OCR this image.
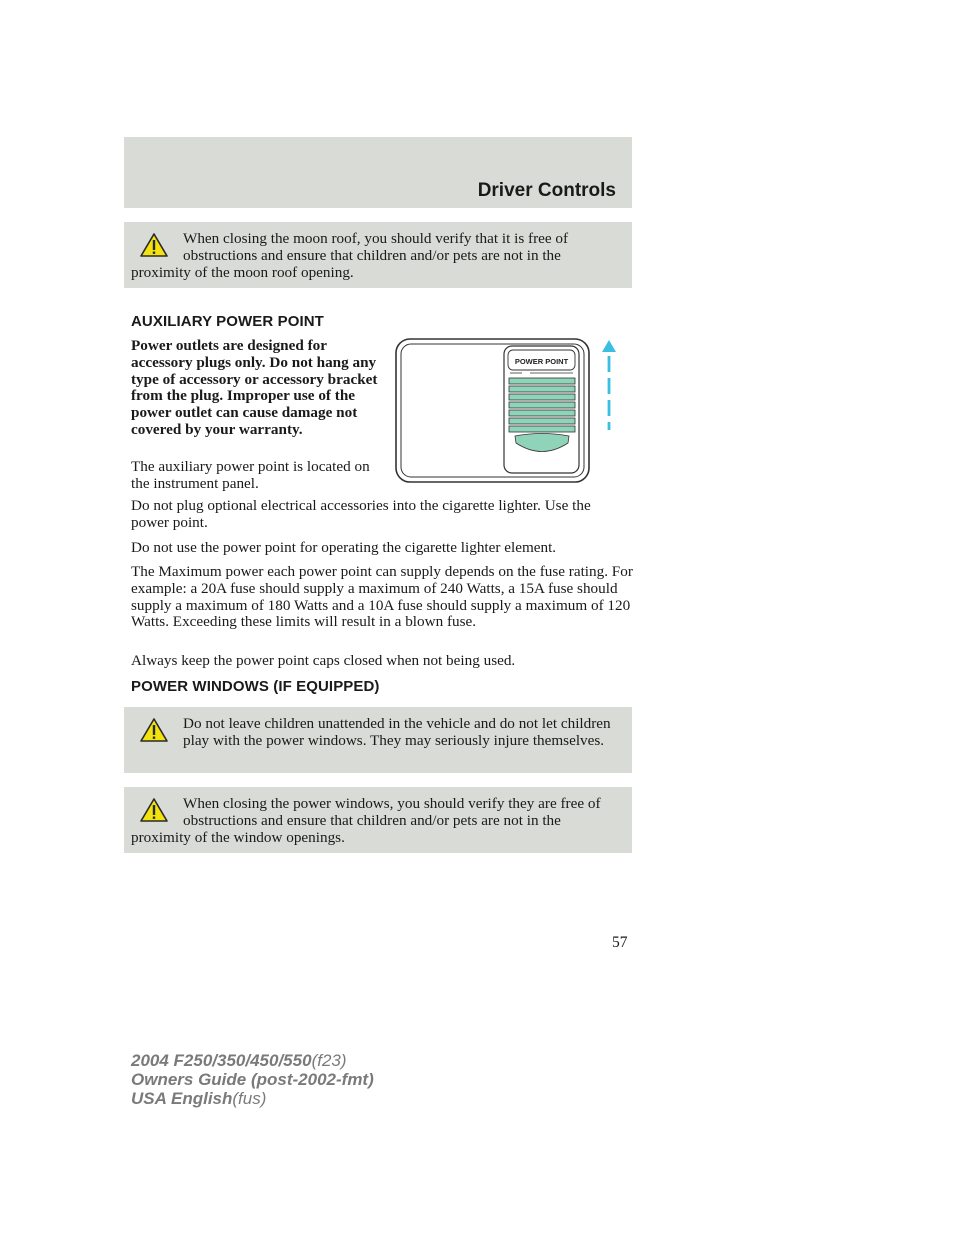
Driver Controls
When closing the moon roof, you should verify that it is free of obstructions and ensure that children and/or pets are not in the proximity of the moon roof opening.
AUXILIARY POWER POINT

Power outlets are designed for accessory plugs only. Do not hang any type of accessory or accessory bracket from the plug. Improper use of the power outlet can cause damage not covered by your warranty.

The auxiliary power point is located on the instrument panel.

POWER POINT

Do not plug optional electrical accessories into the cigarette lighter. Use the power point.

Do not use the power point for operating the cigarette lighter element.

The Maximum power each power point can supply depends on the fuse rating. For example: a 20A fuse should supply a maximum of 240 Watts, a 15A fuse should supply a maximum of 180 Watts and a 10A fuse should supply a maximum of 120 Watts. Exceeding these limits will result in a blown fuse.

Always keep the power point caps closed when not being used.

POWER WINDOWS (IF EQUIPPED)
Do not leave children unattended in the vehicle and do not let children play with the power windows. They may seriously injure themselves.
When closing the power windows, you should verify they are free of obstructions and ensure that children and/or pets are not in the proximity of the window openings.
57
2004 F250/350/450/550(f23)
Owners Guide (post-2002-fmt)
USA English(fus)
